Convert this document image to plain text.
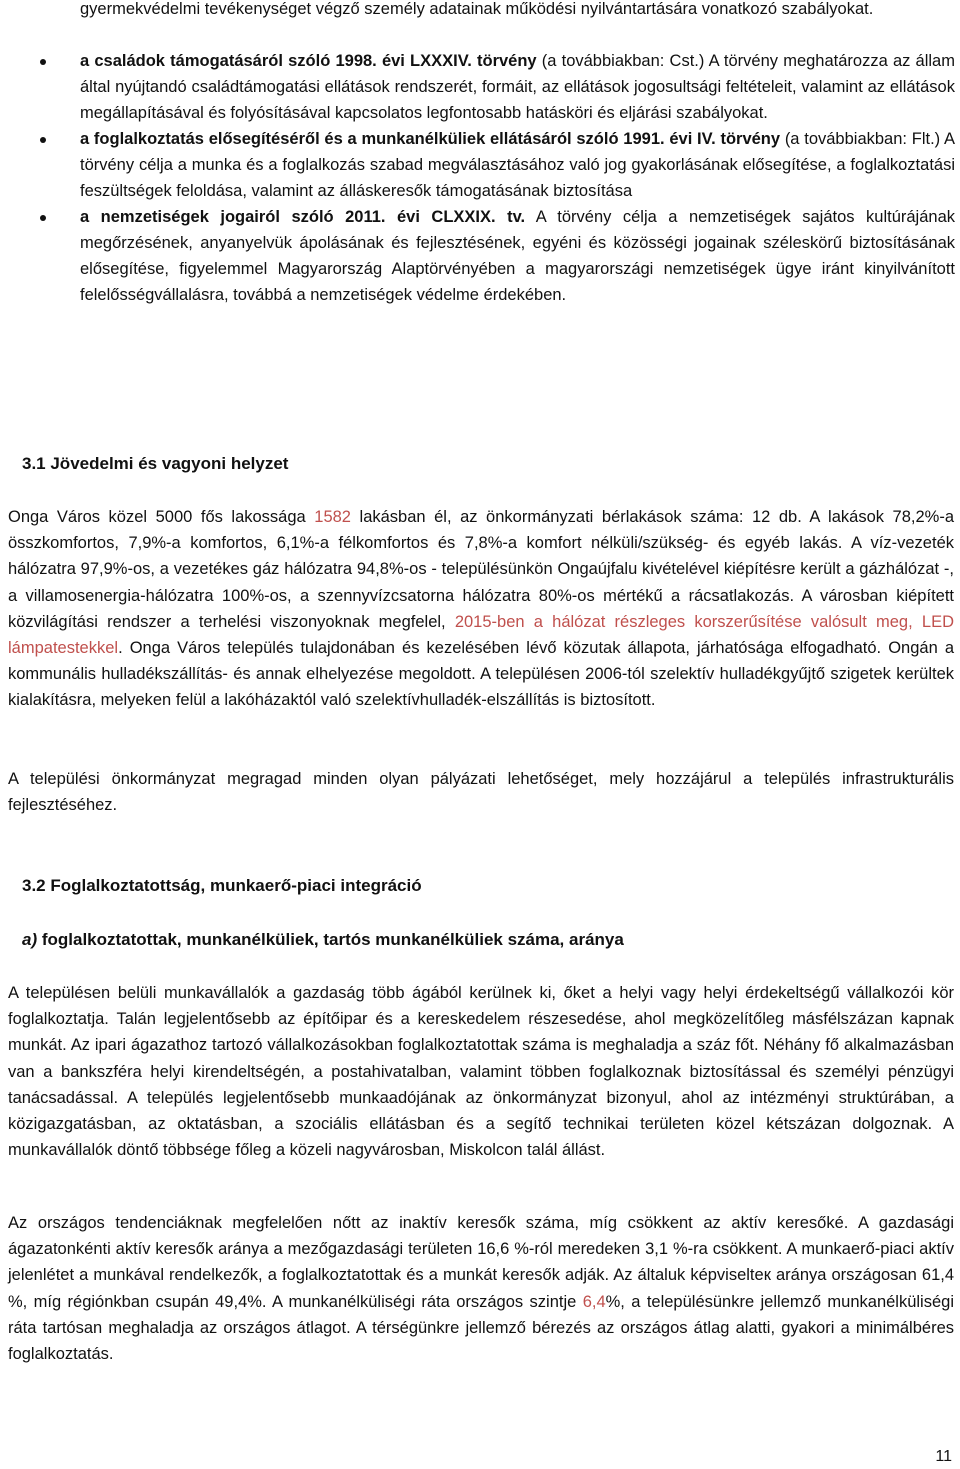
gyermekvédelmi tevékenységet végző személy adatainak működési nyilvántartására vonatkozó szabályokat.
a családok támogatásáról szóló 1998. évi LXXXIV. törvény (a továbbiakban: Cst.) A törvény meghatározza az állam által nyújtandó családtámogatási ellátások rendszerét, formáit, az ellátások jogosultsági feltételeit, valamint az ellátások megállapításával és folyósításával kapcsolatos legfontosabb hatásköri és eljárási szabályokat.
a foglalkoztatás elősegítéséről és a munkanélküliek ellátásáról szóló 1991. évi IV. törvény (a továbbiakban: Flt.) A törvény célja a munka és a foglalkozás szabad megválasztásához való jog gyakorlásának elősegítése, a foglalkoztatási feszültségek feloldása, valamint az álláskeresők támogatásának biztosítása
a nemzetiségek jogairól szóló 2011. évi CLXXIX. tv. A törvény célja a nemzetiségek sajátos kultúrájának megőrzésének, anyanyelvük ápolásának és fejlesztésének, egyéni és közösségi jogainak széleskörű biztosításának elősegítése, figyelemmel Magyarország Alaptörvényében a magyarországi nemzetiségek ügye iránt kinyilvánított felelősségvállalásra, továbbá a nemzetiségek védelme érdekében.
3.1 Jövedelmi és vagyoni helyzet
Onga Város közel 5000 fős lakossága 1582 lakásban él, az önkormányzati bérlakások száma: 12 db. A lakások 78,2%-a összkomfortos, 7,9%-a komfortos, 6,1%-a félkomfortos és 7,8%-a komfort nélküli/szükség- és egyéb lakás. A víz-vezeték hálózatra 97,9%-os, a vezetékes gáz hálózatra 94,8%-os - településünkön Ongaújfalu kivételével kiépítésre került a gázhálózat -, a villamosenergia-hálózatra 100%-os, a szennyvízcsatorna hálózatra 80%-os mértékű a rácsatlakozás. A városban kiépített közvilágítási rendszer a terhelési viszonyoknak megfelel, 2015-ben a hálózat részleges korszerűsítése valósult meg, LED lámpatestekkel. Onga Város település tulajdonában és kezelésében lévő közutak állapota, járhatósága elfogadható. Ongán a kommunális hulladékszállítás- és annak elhelyezése megoldott. A településen 2006-tól szelektív hulladékgyűjtő szigetek kerültek kialakításra, melyeken felül a lakóházaktól való szelektívhulladék-elszállítás is biztosított.
A települési önkormányzat megragad minden olyan pályázati lehetőséget, mely hozzájárul a település infrastrukturális fejlesztéséhez.
3.2 Foglalkoztatottság, munkaerő-piaci integráció
a) foglalkoztatottak, munkanélküliek, tartós munkanélküliek száma, aránya
A településen belüli munkavállalók a gazdaság több ágából kerülnek ki, őket a helyi vagy helyi érdekeltségű vállalkozói kör foglalkoztatja. Talán legjelentősebb az építőipar és a kereskedelem részesedése, ahol megközelítőleg másfélszázan kapnak munkát. Az ipari ágazathoz tartozó vállalkozásokban foglalkoztatottak száma is meghaladja a száz főt. Néhány fő alkalmazásban van a bankszféra helyi kirendeltségén, a postahivatalban, valamint többen foglalkoznak biztosítással és személyi pénzügyi tanácsadással. A település legjelentősebb munkaadójának az önkormányzat bizonyul, ahol az intézményi struktúrában, a közigazgatásban, az oktatásban, a szociális ellátásban és a segítő technikai területen közel kétszázan dolgoznak. A munkavállalók döntő többsége főleg a közeli nagyvárosban, Miskolcon talál állást.
Az országos tendenciáknak megfelelően nőtt az inaktív keresők száma, míg csökkent az aktív keresőké. A gazdasági ágazatonkénti aktív keresők aránya a mezőgazdasági területen 16,6 %-ról meredeken 3,1 %-ra csökkent. A munkaerő-piaci aktív jelenlétet a munkával rendelkezők, a foglalkoztatottak és a munkát keresők adják. Az általuk képviselteк aránya országosan 61,4 %, míg régiónkban csupán 49,4%. A munkanélküliségi ráta országos szintje 6,4%, a településünkre jellemző munkanélküliségi ráta tartósan meghaladja az országos átlagot. A térségünkre jellemző bérezés az országos átlag alatti, gyakori a minimálbéres foglalkoztatás.
11
